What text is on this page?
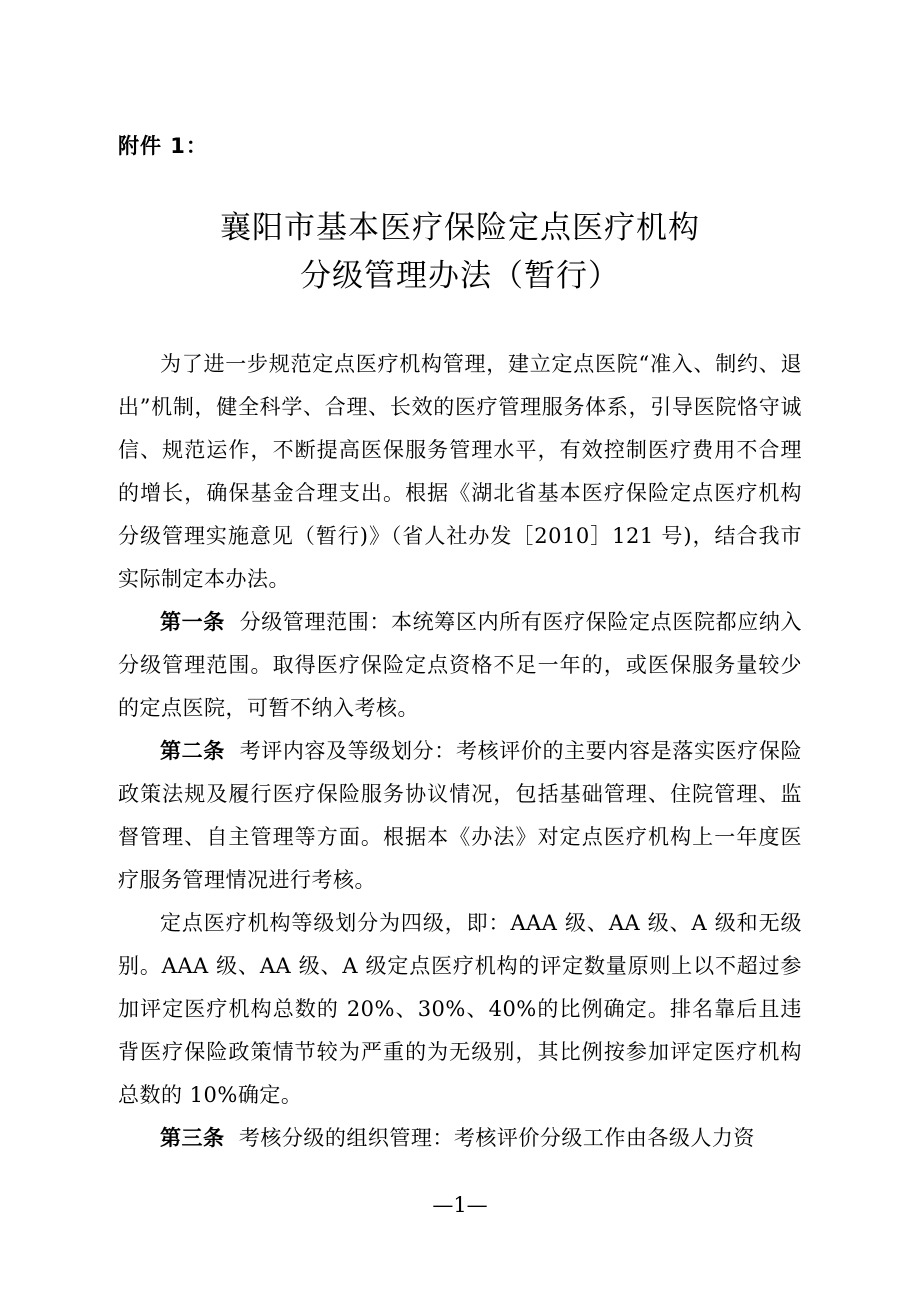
附件 1：
襄阳市基本医疗保险定点医疗机构
分级管理办法（暂行）

为了进一步规范定点医疗机构管理，建立定点医院“准入、制约、退出”机制，健全科学、合理、长效的医疗管理服务体系，引导医院恪守诚信、规范运作，不断提高医保服务管理水平，有效控制医疗费用不合理的增长，确保基金合理支出。根据《湖北省基本医疗保险定点医疗机构分级管理实施意见（暂行)》（省人社办发［2010］121 号)，结合我市实际制定本办法。

第一条 分级管理范围：本统筹区内所有医疗保险定点医院都应纳入分级管理范围。取得医疗保险定点资格不足一年的，或医保服务量较少的定点医院，可暂不纳入考核。

第二条 考评内容及等级划分：考核评价的主要内容是落实医疗保险政策法规及履行医疗保险服务协议情况，包括基础管理、住院管理、监督管理、自主管理等方面。根据本《办法》对定点医疗机构上一年度医疗服务管理情况进行考核。

定点医疗机构等级划分为四级，即：AAA 级、AA 级、A 级和无级别。AAA 级、AA 级、A 级定点医疗机构的评定数量原则上以不超过参加评定医疗机构总数的 20%、30%、40%的比例确定。排名靠后且违背医疗保险政策情节较为严重的为无级别，其比例按参加评定医疗机构总数的 10%确定。

第三条 考核分级的组织管理：考核评价分级工作由各级人力资

—1—
